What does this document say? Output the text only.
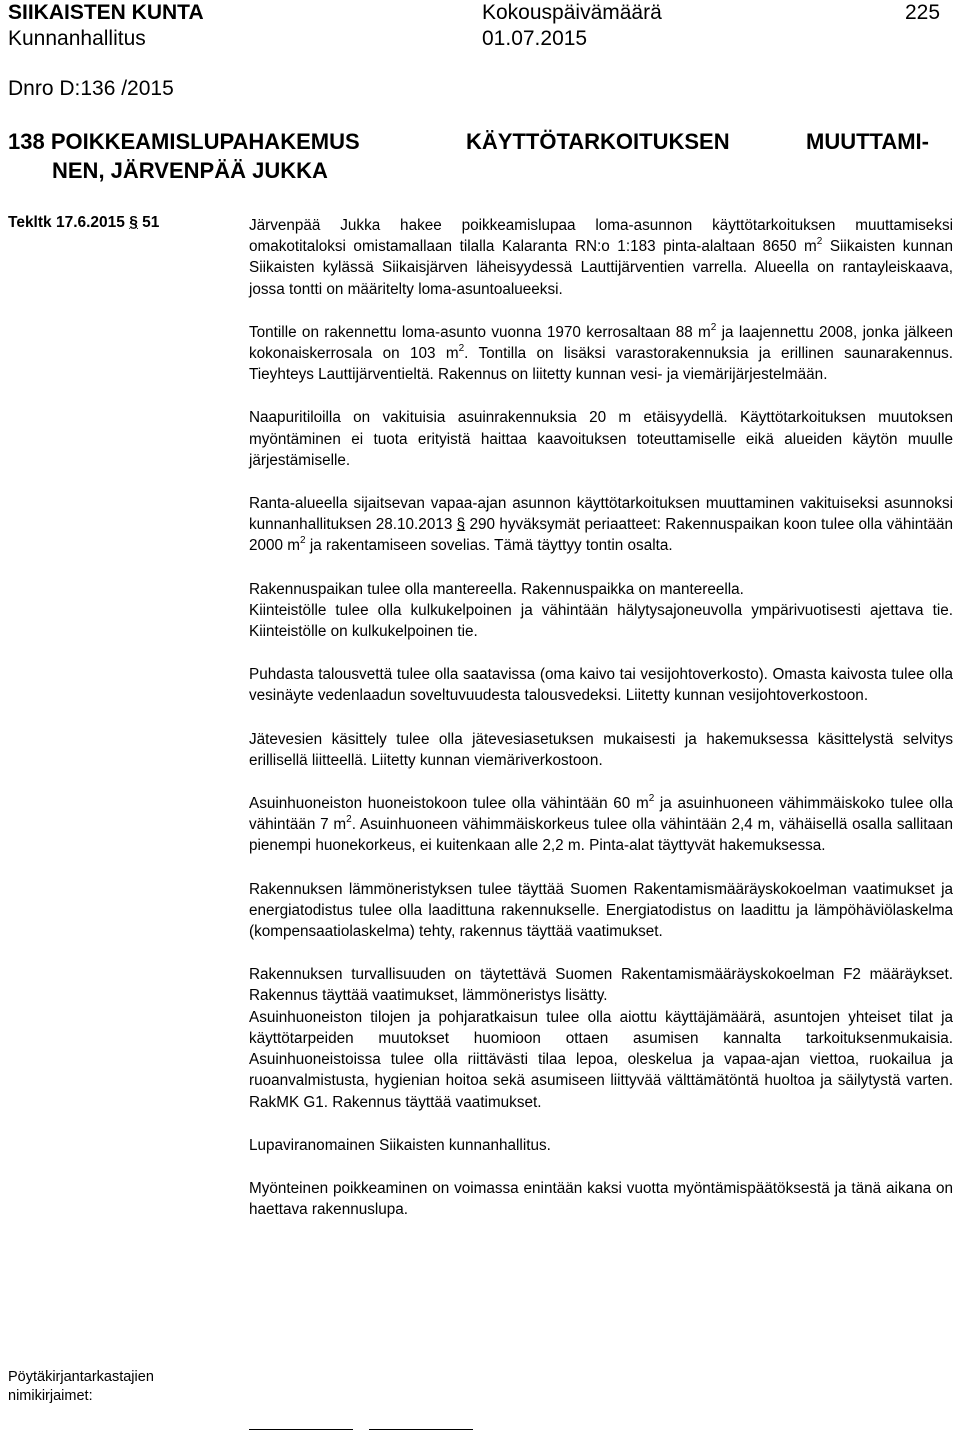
SIIKAISTEN KUNTA
Kunnanhallitus
Kokouspäivämäärä
01.07.2015
225
Dnro D:136 /2015
138 POIKKEAMISLUPAHAKEMUS	KÄYTTÖTARKOITUKSEN	MUUTTAMI-
NEN, JÄRVENPÄÄ JUKKA
Tekltk 17.6.2015 § 51	Järvenpää Jukka hakee poikkeamislupaa loma-asunnon käyttötarkoituksen muuttamiseksi omakotitaloksi omistamallaan tilalla Kalaranta RN:o 1:183 pinta-alaltaan 8650 $m^2$ Siikaisten kunnan Siikaisten kylässä Siikaisjärven läheisyydessä Lauttijärventien varrella. Alueella on rantayleiskaava, jossa tontti on määritelty loma-asuntoalueeksi.

Tontille on rakennettu loma-asunto vuonna 1970 kerrosaltaan 88 $m^2$ ja laajennettu 2008, jonka jälkeen kokonaiskerrosala on 103 $m^2$. Tontilla on lisäksi varastorakennuksia ja erillinen saunarakennus. Tieyhteys Lauttijärventieltä. Rakennus on liitetty kunnan vesi- ja viemärijärjestelmään.

Naapuritiloilla on vakituisia asuinrakennuksia 20 m etäisyydellä. Käyttötarkoituksen muutoksen myöntäminen ei tuota erityistä haittaa kaavoituksen toteuttamiselle eikä alueiden käytön muulle järjestämiselle.

Ranta-alueella sijaitsevan vapaa-ajan asunnon käyttötarkoituksen muuttaminen vakituiseksi asunnoksi kunnanhallituksen 28.10.2013 § 290 hyväksymät periaatteet: Rakennuspaikan koon tulee olla vähintään 2000 $m^2$ ja rakentamiseen sovelias. Tämä täyttyy tontin osalta.

Rakennuspaikan tulee olla mantereella. Rakennuspaikka on mantereella.

Kiinteistölle tulee olla kulkukelpoinen ja vähintään hälytysajoneuvolla ympärivuotisesti ajettava tie. Kiinteistölle on kulkukelpoinen tie.

Puhdasta talousvettä tulee olla saatavissa (oma kaivo tai vesijohtoverkosto). Omasta kaivosta tulee olla vesinäyte vedenlaadun soveltuvuudesta talousvedeksi. Liitetty kunnan vesijohtoverkostoon.

Jätevesien käsittely tulee olla jätevesiasetuksen mukaisesti ja hakemuksessa käsittelystä selvitys erillisellä liitteellä. Liitetty kunnan viemäriverkostoon.

Asuinhuoneiston huoneistokoon tulee olla vähintään 60 $m^2$ ja asuinhuoneen vähimmäiskoko tulee olla vähintään 7 $m^2$. Asuinhuoneen vähimmäiskorkeus tulee olla vähintään 2,4 m, vähäisellä osalla sallitaan pienempi huonekorkeus, ei kuitenkaan alle 2,2 m. Pinta-alat täyttyvät hakemuksessa.

Rakennuksen lämmöneristyksen tulee täyttää Suomen Rakentamismääräyskokoelman vaatimukset ja energiatodistus tulee olla laadittuna rakennukselle. Energiatodistus on laadittu ja lämpöhäviölaskelma (kompensaatiolaskelma) tehty, rakennus täyttää vaatimukset.

Rakennuksen turvallisuuden on täytettävä Suomen Rakentamismääräyskokoelman F2 määräykset. Rakennus täyttää vaatimukset, lämmöneristys lisätty.

Asuinhuoneiston tilojen ja pohjaratkaisun tulee olla aiottu käyttäjämäärä, asuntojen yhteiset tilat ja käyttötarpeiden muutokset huomioon ottaen asumisen kannalta tarkoituksenmukaisia. Asuinhuoneistoissa tulee olla riittävästi tilaa lepoa, oleskelua ja vapaa-ajan viettoa, ruokailua ja ruoanvalmistusta, hygienian hoitoa sekä asumiseen liittyvää välttämätöntä huoltoa ja säilytystä varten. RakMK G1. Rakennus täyttää vaatimukset.

Lupaviranomainen Siikaisten kunnanhallitus.

Myönteinen poikkeaminen on voimassa enintään kaksi vuotta myöntämispäätöksestä ja tänä aikana on haettava rakennuslupa.

Pöytäkirjantarkastajien
nimikirjaimet:
